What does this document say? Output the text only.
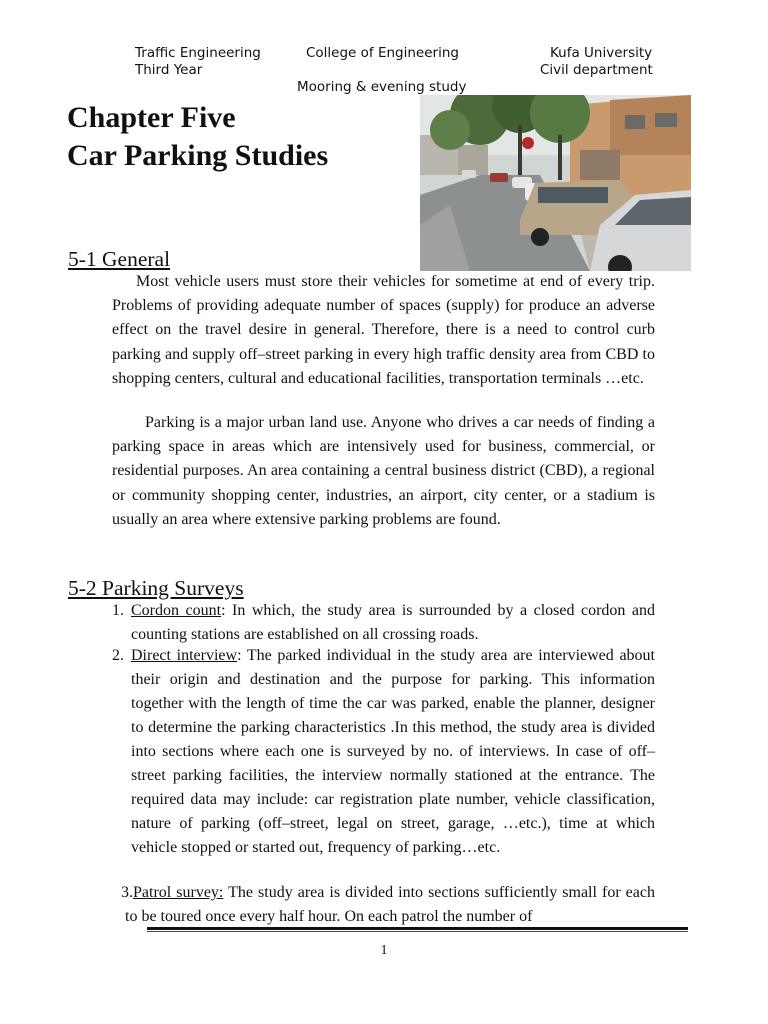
Traffic Engineering
Third Year
College of Engineering
Mooring & evening study
Kufa University
Civil department
Chapter Five
Car Parking Studies
5-1 General

Most vehicle users must store their vehicles for sometime at end of every trip. Problems of providing adequate number of spaces (supply) for produce an adverse effect on the travel desire in general. Therefore, there is a need to control curb parking and supply off–street parking in every high traffic density area from CBD to shopping centers, cultural and educational facilities, transportation terminals …etc.

Parking is a major urban land use. Anyone who drives a car needs of finding a parking space in areas which are intensively used for business, commercial, or residential purposes. An area containing a central business district (CBD), a regional or community shopping center, industries, an airport, city center, or a stadium is usually an area where extensive parking problems are found.

5-2 Parking Surveys

1. Cordon count: In which, the study area is surrounded by a closed cordon and counting stations are established on all crossing roads.

2. Direct interview: The parked individual in the study area are interviewed about their origin and destination and the purpose for parking. This information together with the length of time the car was parked, enable the planner, designer to determine the parking characteristics .In this method, the study area is divided into sections where each one is surveyed by no. of interviews. In case of off–street parking facilities, the interview normally stationed at the entrance. The required data may include: car registration plate number, vehicle classification, nature of parking (off–street, legal on street, garage, …etc.), time at which vehicle stopped or started out, frequency of parking…etc.

3. Patrol survey: The study area is divided into sections sufficiently small for each to be toured once every half hour. On each patrol the number of

1
